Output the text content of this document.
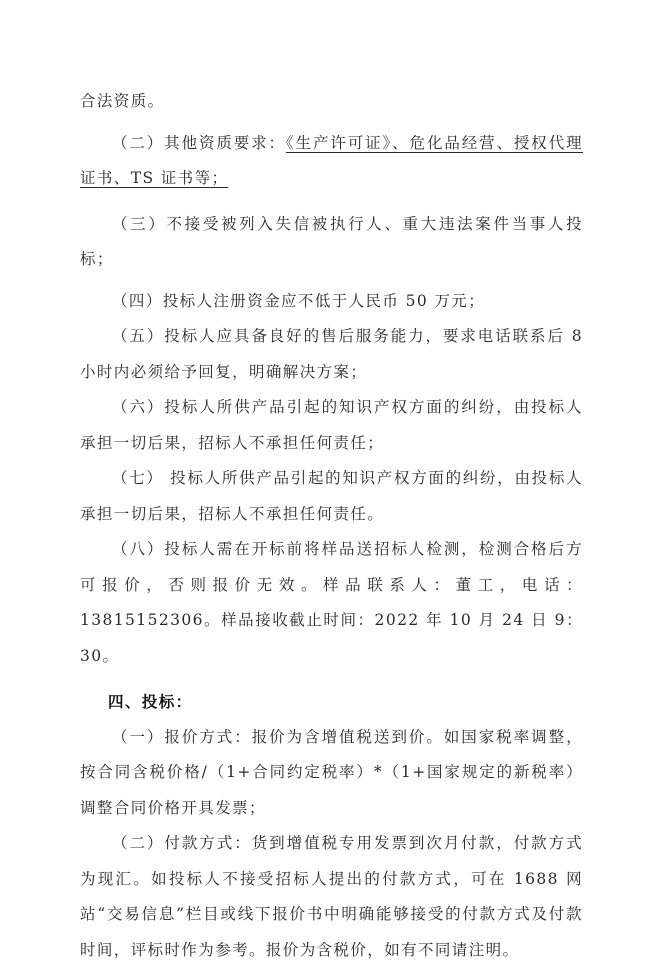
合法资质。

（二）其他资质要求：《生产许可证》、危化品经营、授权代理证书、TS 证书等；

（三）不接受被列入失信被执行人、重大违法案件当事人投标；

（四）投标人注册资金应不低于人民币 50 万元；

（五）投标人应具备良好的售后服务能力，要求电话联系后 8 小时内必须给予回复，明确解决方案；

（六）投标人所供产品引起的知识产权方面的纠纷，由投标人承担一切后果，招标人不承担任何责任；

（七） 投标人所供产品引起的知识产权方面的纠纷，由投标人承担一切后果，招标人不承担任何责任。

（八）投标人需在开标前将样品送招标人检测，检测合格后方可报价，否则报价无效。样品联系人：董工，电话：13815152306。样品接收截止时间：2022 年 10 月 24 日 9：30。

四、投标：

（一）报价方式：报价为含增值税送到价。如国家税率调整，按合同含税价格/（1+合同约定税率）*（1+国家规定的新税率）调整合同价格开具发票；

（二）付款方式：货到增值税专用发票到次月付款，付款方式为现汇。如投标人不接受招标人提出的付款方式，可在 1688 网站“交易信息”栏目或线下报价书中明确能够接受的付款方式及付款时间，评标时作为参考。报价为含税价，如有不同请注明。
